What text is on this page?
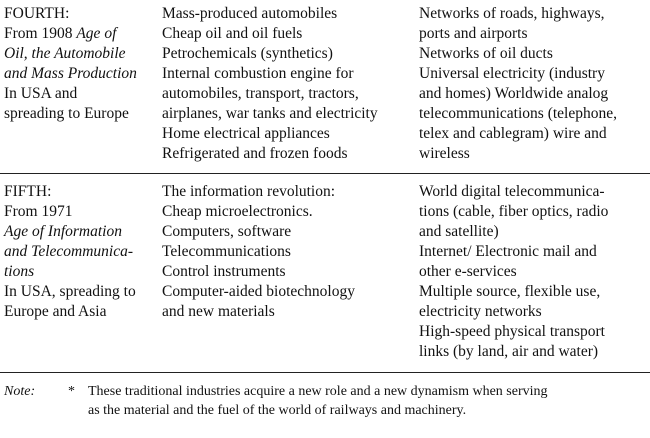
FOURTH:
From 1908 Age of
Oil, the Automobile
and Mass Production
In USA and
spreading to Europe
Mass-produced automobiles
Cheap oil and oil fuels
Petrochemicals (synthetics)
Internal combustion engine for
automobiles, transport, tractors,
airplanes, war tanks and electricity
Home electrical appliances
Refrigerated and frozen foods
Networks of roads, highways,
ports and airports
Networks of oil ducts
Universal electricity (industry
and homes) Worldwide analog
telecommunications (telephone,
telex and cablegram) wire and
wireless
FIFTH:
From 1971
Age of Information
and Telecommunica-
tions
In USA, spreading to
Europe and Asia
The information revolution:
Cheap microelectronics.
Computers, software
Telecommunications
Control instruments
Computer-aided biotechnology
and new materials
World digital telecommunica-
tions (cable, fiber optics, radio
and satellite)
Internet/ Electronic mail and
other e-services
Multiple source, flexible use,
electricity networks
High-speed physical transport
links (by land, air and water)
Note: * These traditional industries acquire a new role and a new dynamism when serving
as the material and the fuel of the world of railways and machinery.
